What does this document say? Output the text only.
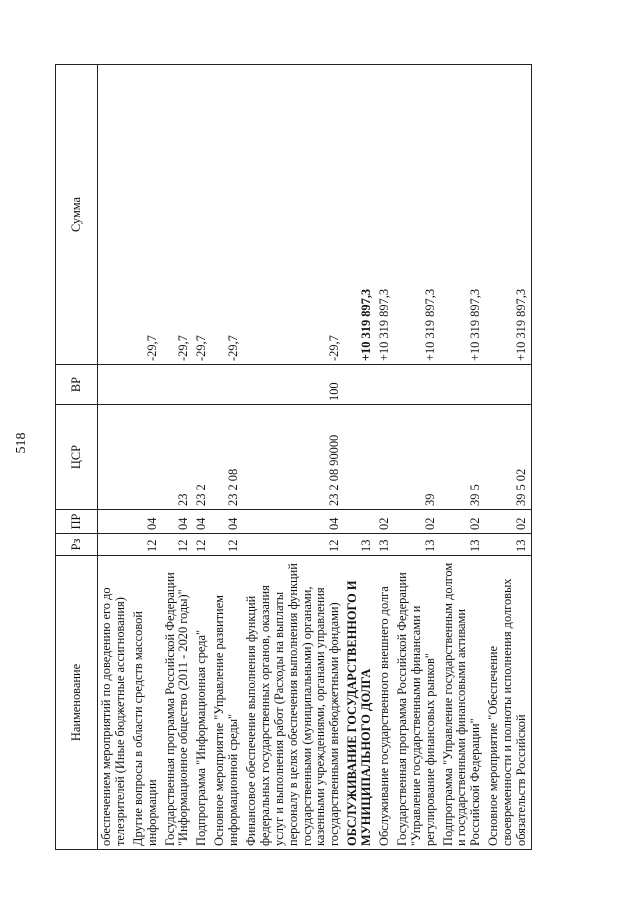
518
Наименование	Рз	ПР	ЦСР	ВР	Сумма
обеспечением мероприятий по доведению его до телезрителей (Иные бюджетные ассигнования)					
Другие вопросы в области средств массовой информации	12	04			-29,7
Государственная программа Российской Федерации "Информационное общество (2011 - 2020 годы)"	12	04	23		-29,7
Подпрограмма "Информационная среда"	12	04	23 2		-29,7
Основное мероприятие "Управление развитием информационной среды"	12	04	23 2 08		-29,7
Финансовое обеспечение выполнения функций федеральных государственных органов, оказания услуг и выполнения работ (Расходы на выплаты персоналу в целях обеспечения выполнения функций государственными (муниципальными) органами, казенными учреждениями, органами управления государственными внебюджетными фондами)	12	04	23 2 08 90000	100	-29,7
ОБСЛУЖИВАНИЕ ГОСУДАРСТВЕННОГО И МУНИЦИПАЛЬНОГО ДОЛГА	13				+10 319 897,3
Обслуживание государственного внешнего долга	13	02			+10 319 897,3
Государственная программа Российской Федерации "Управление государственными финансами и регулирование финансовых рынков"	13	02	39		+10 319 897,3
Подпрограмма "Управление государственным долгом и государственными финансовыми активами Российской Федерации"	13	02	39 5		+10 319 897,3
Основное мероприятие "Обеспечение своевременности и полноты исполнения долговых обязательств Российской	13	02	39 5 02		+10 319 897,3
